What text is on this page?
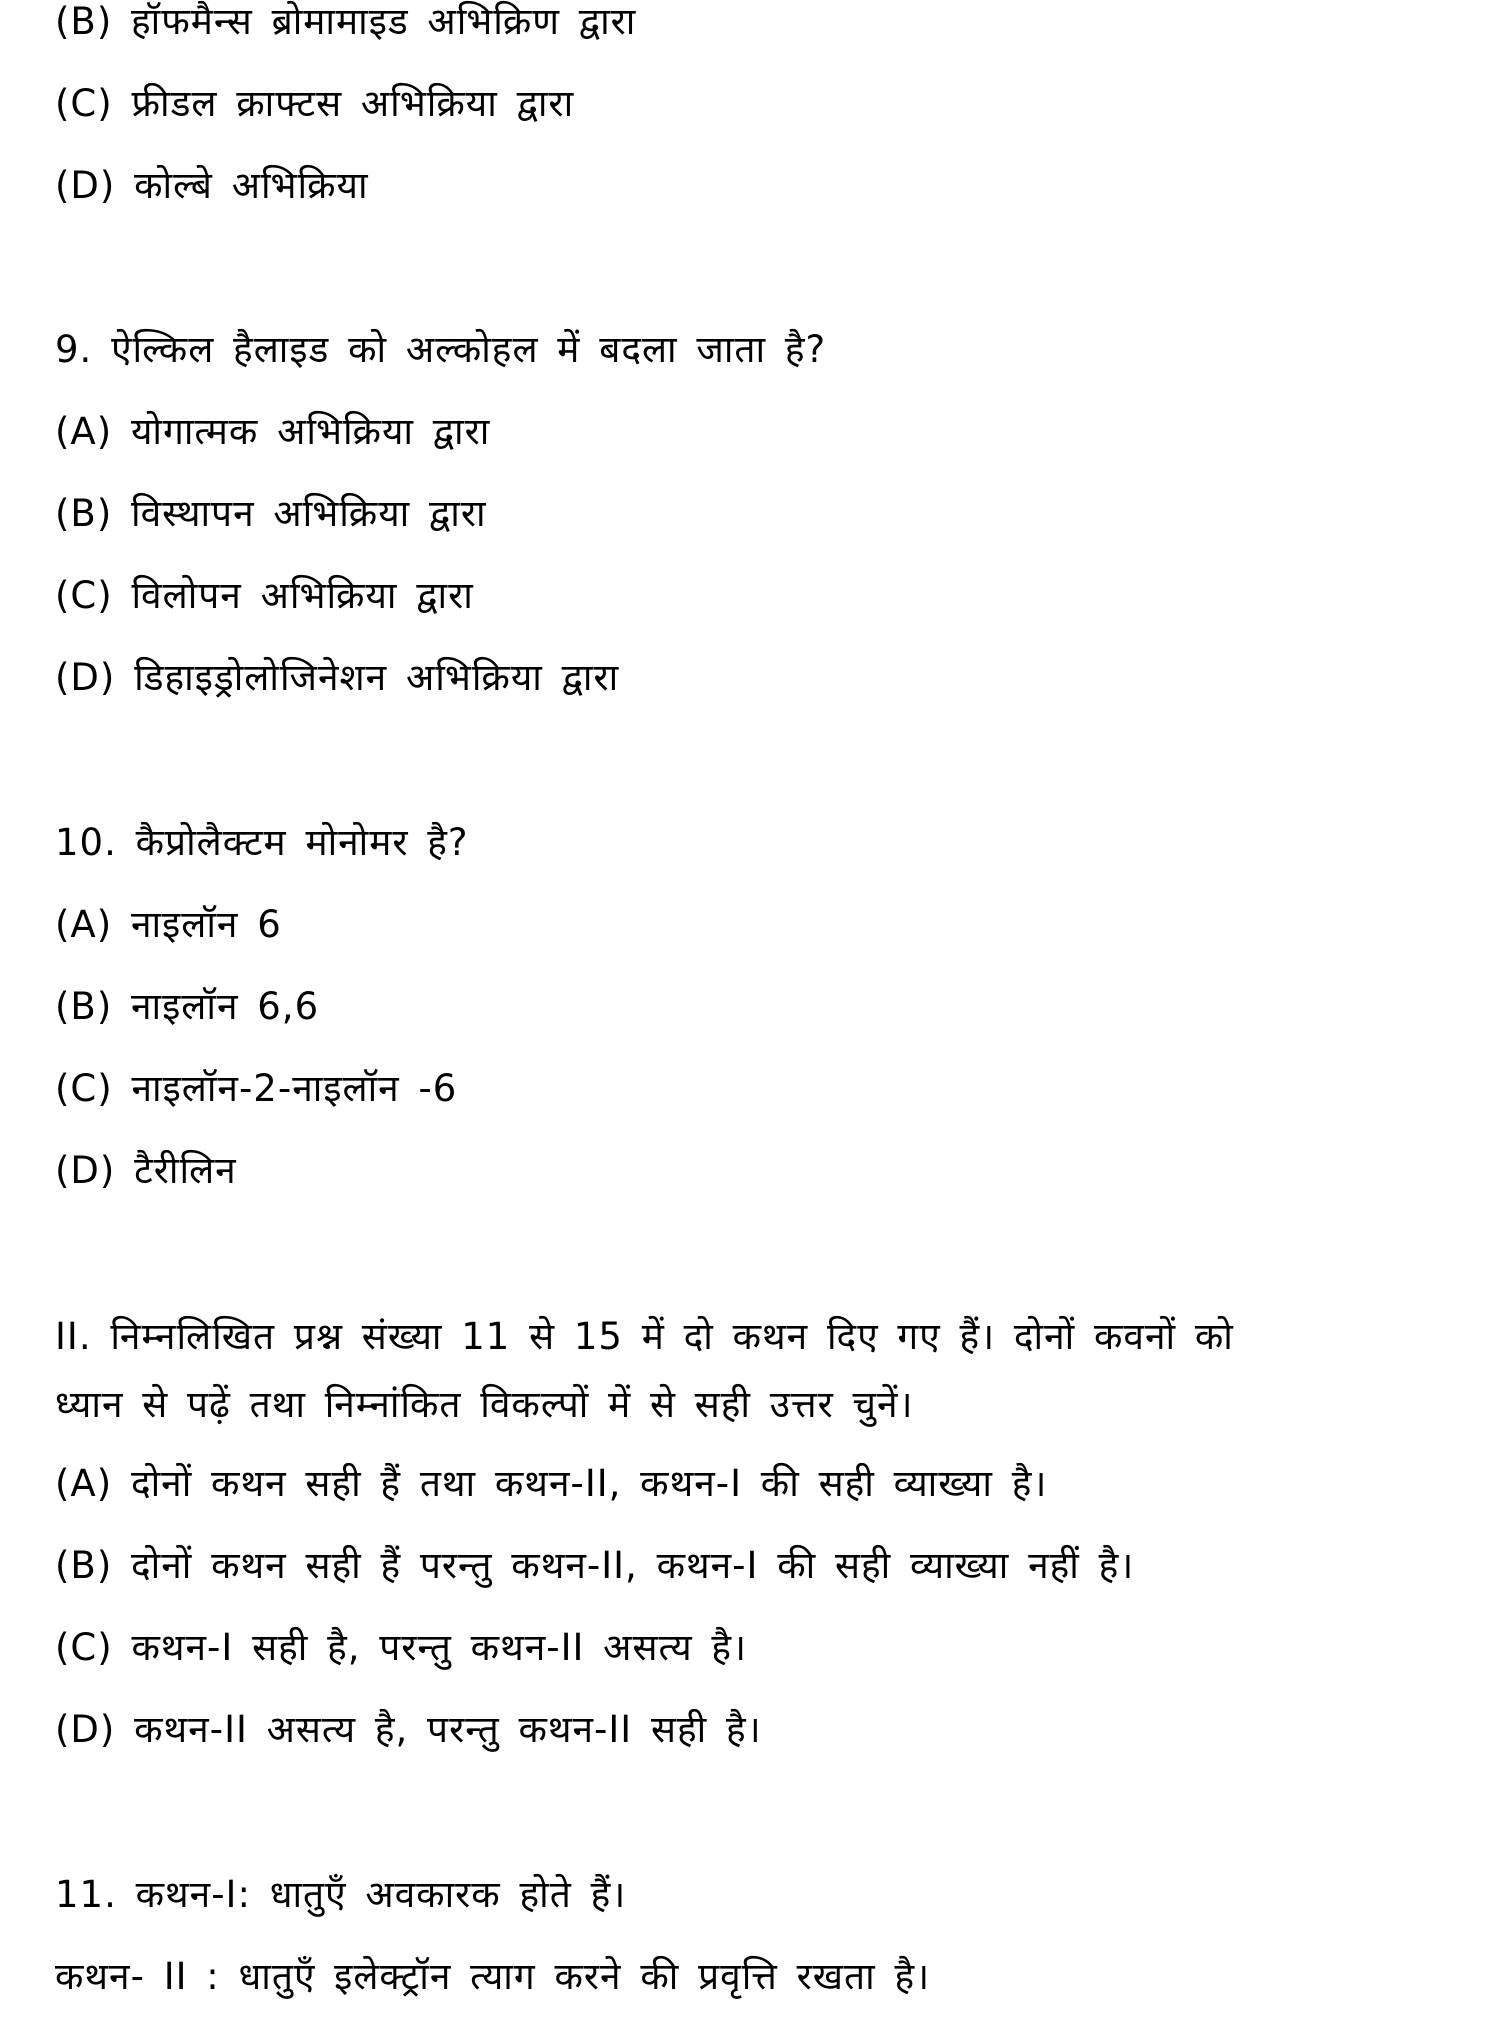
(B) हॉफमैन्स ब्रोमामाइड अभिक्रिण द्वारा
(C) फ्रीडल क्राफ्टस अभिक्रिया द्वारा
(D) कोल्बे अभिक्रिया
9. ऐल्किल हैलाइड को अल्कोहल में बदला जाता है?
(A) योगात्मक अभिक्रिया द्वारा
(B) विस्थापन अभिक्रिया द्वारा
(C) विलोपन अभिक्रिया द्वारा
(D) डिहाइड्रोलोजिनेशन अभिक्रिया द्वारा
10. कैप्रोलैक्टम मोनोमर है?
(A) नाइलॉन 6
(B) नाइलॉन 6,6
(C) नाइलॉन-2-नाइलॉन -6
(D) टैरीलिन
II. निम्नलिखित प्रश्न संख्या 11 से 15 में दो कथन दिए गए हैं। दोनों कवनों को
ध्यान से पढ़ें तथा निम्नांकित विकल्पों में से सही उत्तर चुनें।
(A) दोनों कथन सही हैं तथा कथन-II, कथन-I की सही व्याख्या है।
(B) दोनों कथन सही हैं परन्तु कथन-II, कथन-I की सही व्याख्या नहीं है।
(C) कथन-I सही है, परन्तु कथन-II असत्य है।
(D) कथन-II असत्य है, परन्तु कथन-II सही है।
11. कथन-I: धातुएँ अवकारक होते हैं।
कथन- II : धातुएँ इलेक्ट्रॉन त्याग करने की प्रवृत्ति रखता है।
